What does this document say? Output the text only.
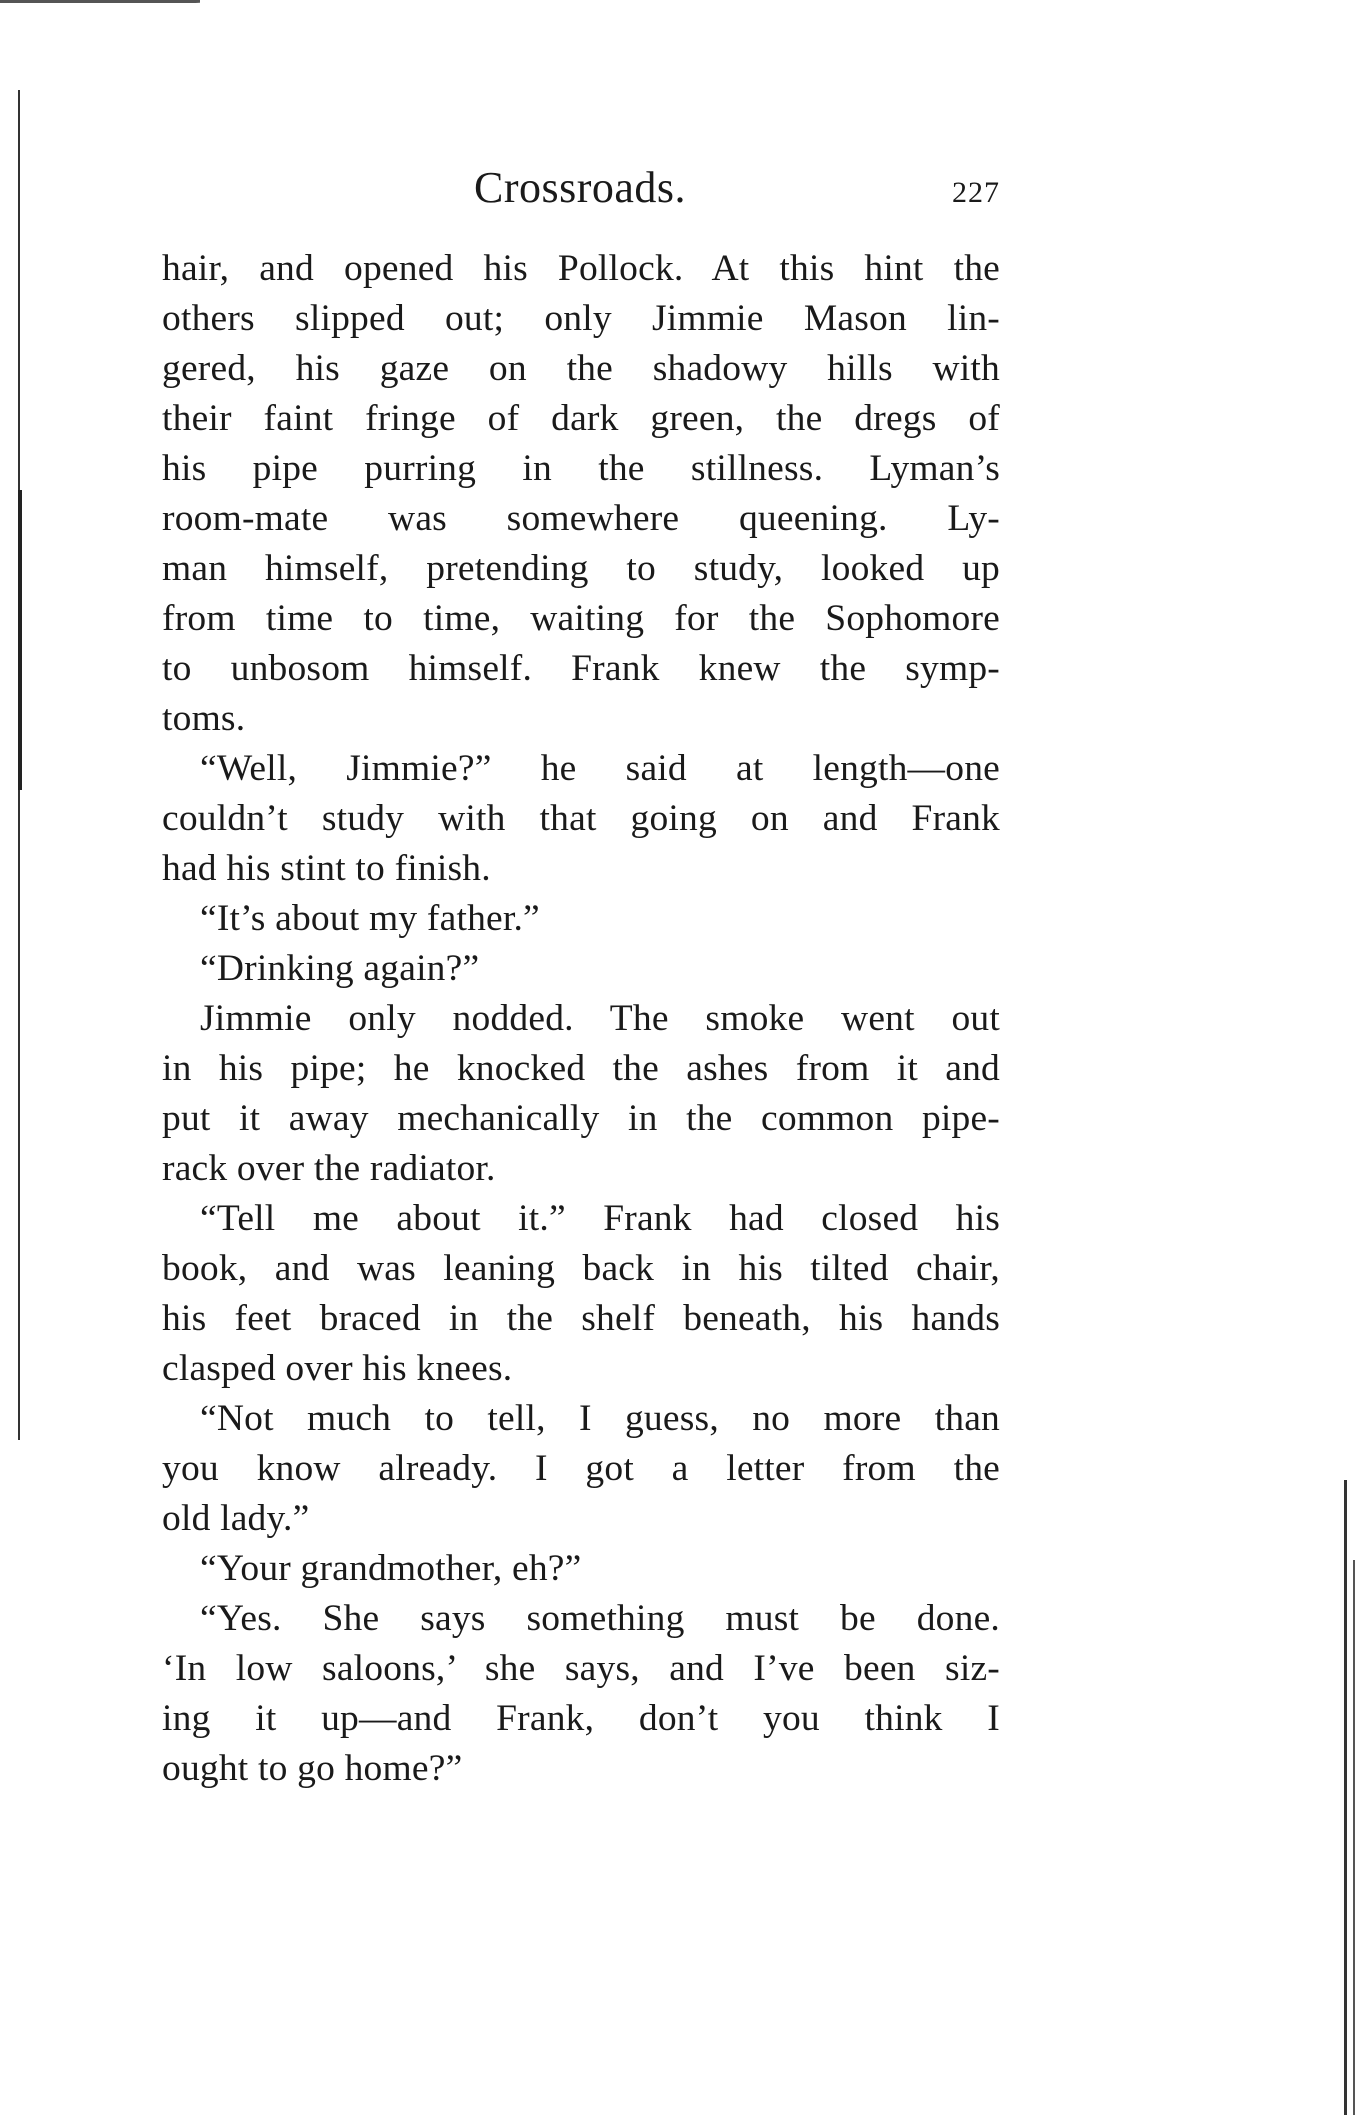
Crossroads.	227
hair, and opened his Pollock. At this hint the
others slipped out; only Jimmie Mason lin-
gered, his gaze on the shadowy hills with
their faint fringe of dark green, the dregs of
his pipe purring in the stillness. Lyman’s
room-mate was somewhere queening. Ly-
man himself, pretending to study, looked up
from time to time, waiting for the Sophomore
to unbosom himself. Frank knew the symp-
toms.
“Well, Jimmie?” he said at length—one
couldn’t study with that going on and Frank
had his stint to finish.
“It’s about my father.”
“Drinking again?”
Jimmie only nodded. The smoke went out
in his pipe; he knocked the ashes from it and
put it away mechanically in the common pipe-
rack over the radiator.
“Tell me about it.” Frank had closed his
book, and was leaning back in his tilted chair,
his feet braced in the shelf beneath, his hands
clasped over his knees.
“Not much to tell, I guess, no more than
you know already. I got a letter from the
old lady.”
“Your grandmother, eh?”
“Yes. She says something must be done.
‘In low saloons,’ she says, and I’ve been siz-
ing it up—and Frank, don’t you think I
ought to go home?”
